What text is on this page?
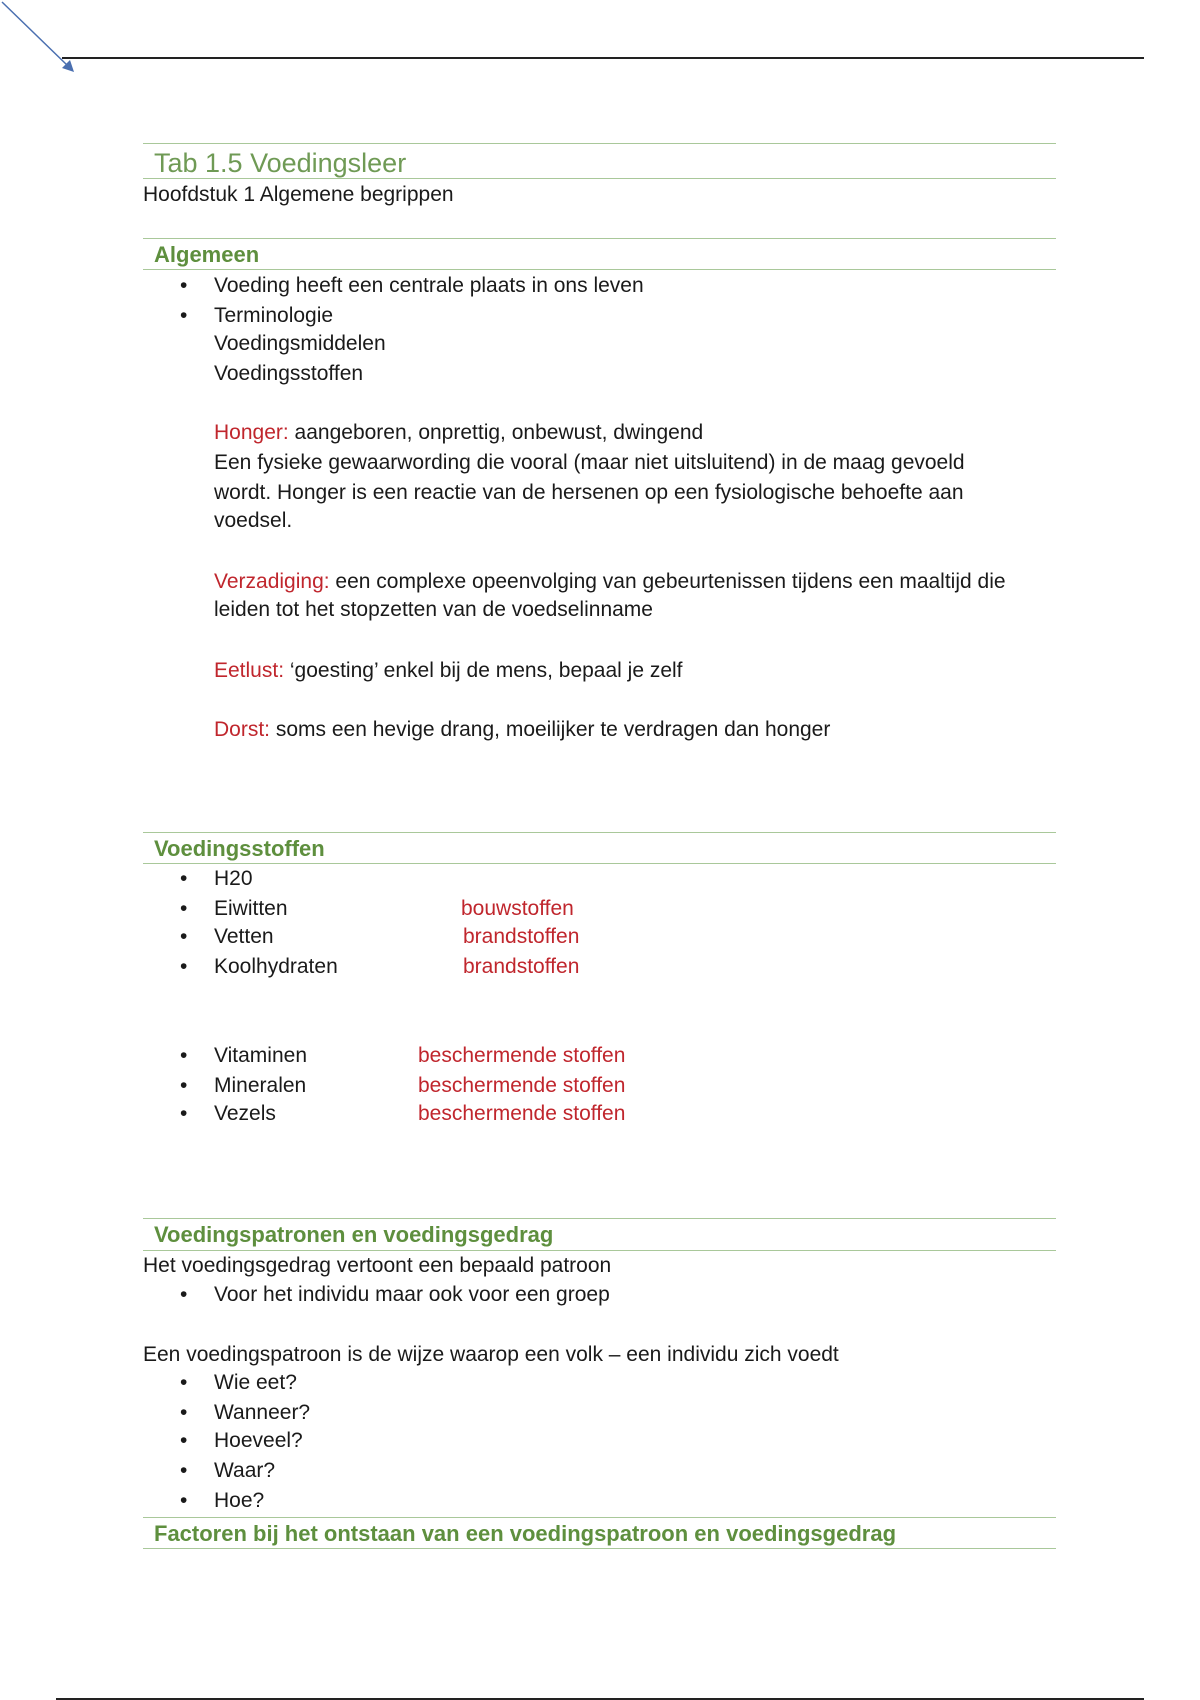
Tab 1.5 Voedingsleer
Hoofdstuk 1 Algemene begrippen
Algemeen
• Voeding heeft een centrale plaats in ons leven
• Terminologie
Voedingsmiddelen
Voedingsstoffen
Honger: aangeboren, onprettig, onbewust, dwingend
Een fysieke gewaarwording die vooral (maar niet uitsluitend) in de maag gevoeld
wordt. Honger is een reactie van de hersenen op een fysiologische behoefte aan
voedsel.
Verzadiging: een complexe opeenvolging van gebeurtenissen tijdens een maaltijd die
leiden tot het stopzetten van de voedselinname
Eetlust: ‘goesting’ enkel bij de mens, bepaal je zelf
Dorst: soms een hevige drang, moeilijker te verdragen dan honger
Voedingsstoffen
• H20
• Eiwitten	bouwstoffen
• Vetten	brandstoffen
• Koolhydraten	brandstoffen
• Vitaminen	beschermende stoffen
• Mineralen	beschermende stoffen
• Vezels	beschermende stoffen
Voedingspatronen en voedingsgedrag
Het voedingsgedrag vertoont een bepaald patroon
• Voor het individu maar ook voor een groep
Een voedingspatroon is de wijze waarop een volk – een individu zich voedt
• Wie eet?
• Wanneer?
• Hoeveel?
• Waar?
• Hoe?
Factoren bij het ontstaan van een voedingspatroon en voedingsgedrag
